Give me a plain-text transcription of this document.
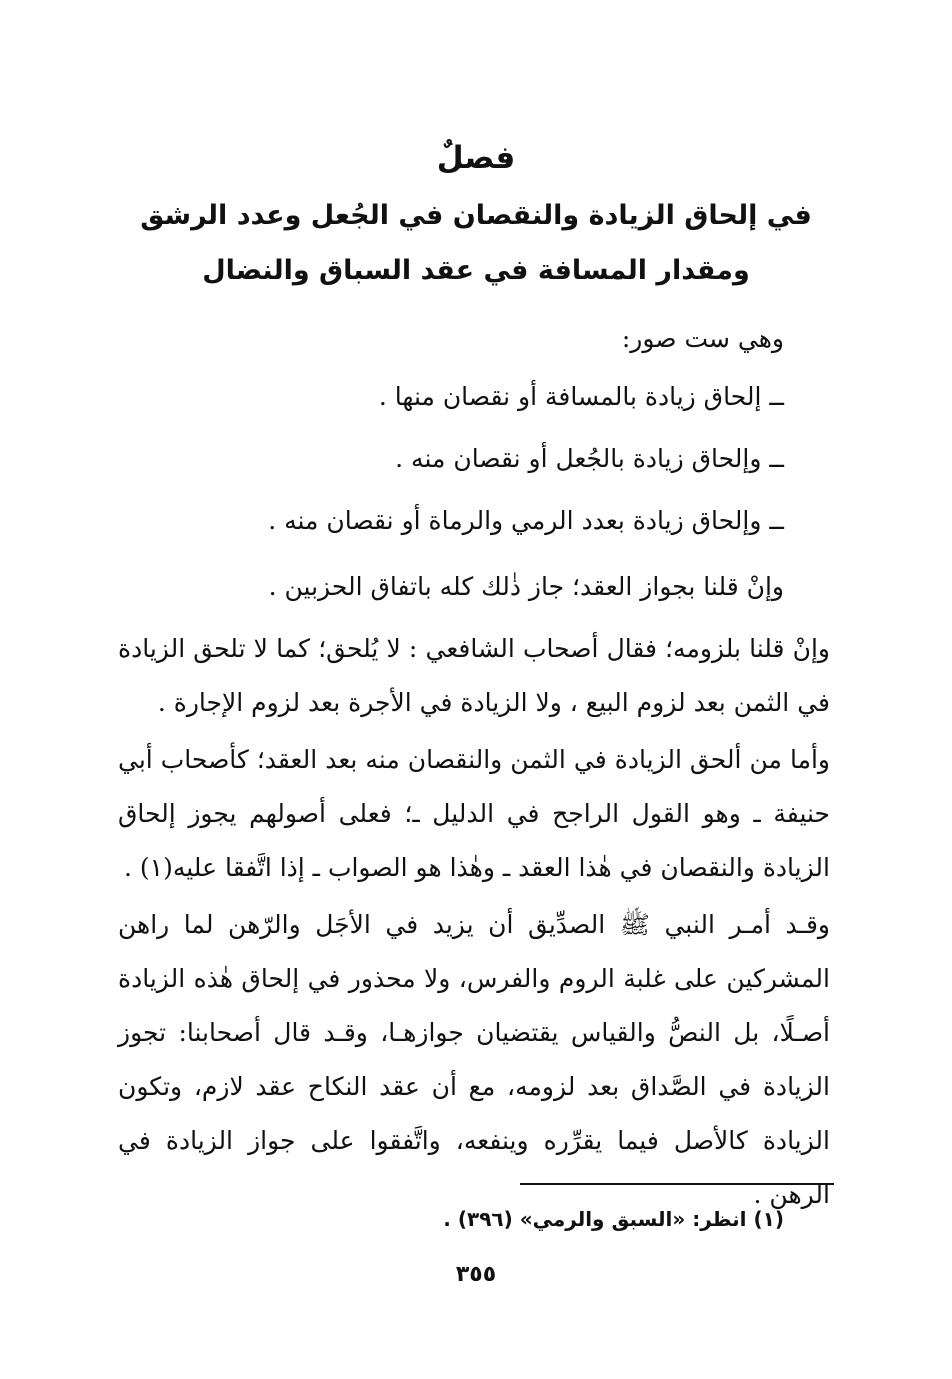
فصلٌ
في إلحاق الزيادة والنقصان في الجُعل وعدد الرشق
ومقدار المسافة في عقد السباق والنضال
وهي ست صور:
ــ إلحاق زيادة بالمسافة أو نقصان منها .
ــ وإلحاق زيادة بالجُعل أو نقصان منه .
ــ وإلحاق زيادة بعدد الرمي والرماة أو نقصان منه .
وإنْ قلنا بجواز العقد؛ جاز ذٰلك كله باتفاق الحزبين .
وإنْ قلنا بلزومه؛ فقال أصحاب الشافعي : لا يُلحق؛ كما لا تلحق الزيادة في الثمن بعد لزوم البيع ، ولا الزيادة في الأجرة بعد لزوم الإجارة .
وأما من ألحق الزيادة في الثمن والنقصان منه بعد العقد؛ كأصحاب أبي حنيفة ـ وهو القول الراجح في الدليل ـ؛ فعلى أصولهم يجوز إلحاق الزيادة والنقصان في هٰذا العقد ـ وهٰذا هو الصواب ـ إذا اتَّفقا عليه(١) .
وقـد أمـر النبي ﷺ الصدِّيق أن يزيد في الأجَل والرّهن لما راهن المشركين على غلبة الروم والفرس، ولا محذور في إلحاق هٰذه الزيادة أصـلًا، بل النصُّ والقياس يقتضيان جوازهـا، وقـد قال أصحابنا: تجوز الزيادة في الصَّداق بعد لزومه، مع أن عقد النكاح عقد لازم، وتكون الزيادة كالأصل فيما يقرِّره وينفعه، واتَّفقوا على جواز الزيادة في الرهن .
(١) انظر: «السبق والرمي» (٣٩٦) .
٣٥٥
